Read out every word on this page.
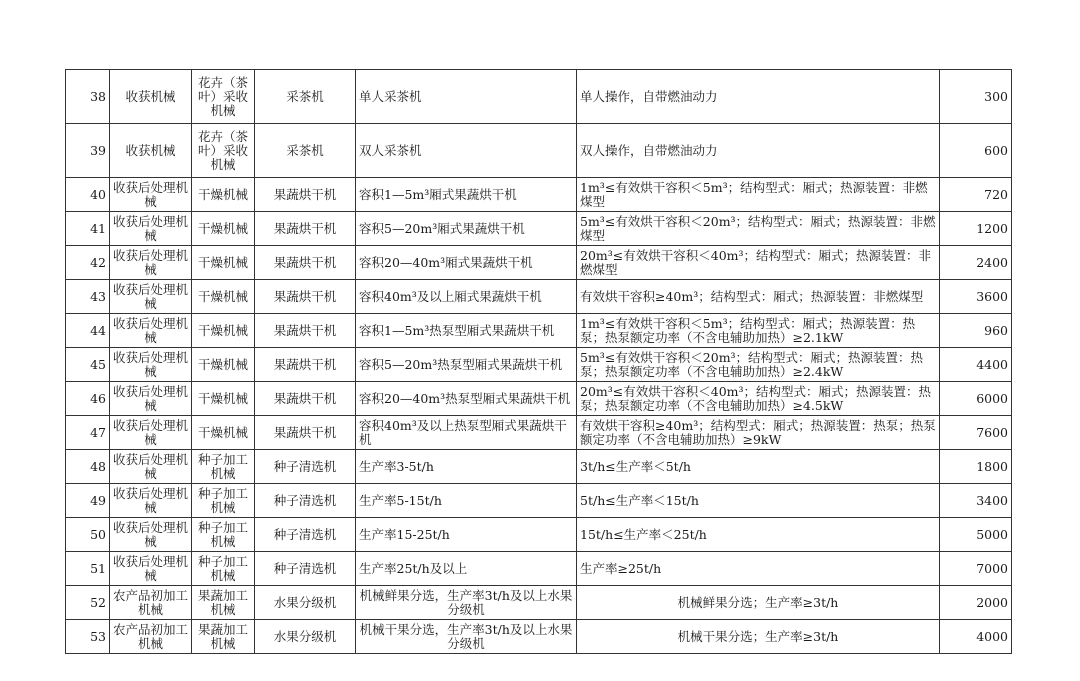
38	收获机械	花卉（茶叶）采收机械	采茶机	单人采茶机	单人操作，自带燃油动力	300
39	收获机械	花卉（茶叶）采收机械	采茶机	双人采茶机	双人操作，自带燃油动力	600
40	收获后处理机械	干燥机械	果蔬烘干机	容积1—5m³厢式果蔬烘干机	1m³≤有效烘干容积＜5m³；结构型式：厢式；热源装置：非燃煤型	720
41	收获后处理机械	干燥机械	果蔬烘干机	容积5—20m³厢式果蔬烘干机	5m³≤有效烘干容积＜20m³；结构型式：厢式；热源装置：非燃煤型	1200
42	收获后处理机械	干燥机械	果蔬烘干机	容积20—40m³厢式果蔬烘干机	20m³≤有效烘干容积＜40m³；结构型式：厢式；热源装置：非燃煤型	2400
43	收获后处理机械	干燥机械	果蔬烘干机	容积40m³及以上厢式果蔬烘干机	有效烘干容积≥40m³；结构型式：厢式；热源装置：非燃煤型	3600
44	收获后处理机械	干燥机械	果蔬烘干机	容积1—5m³热泵型厢式果蔬烘干机	1m³≤有效烘干容积＜5m³；结构型式：厢式；热源装置：热泵；热泵额定功率（不含电辅助加热）≥2.1kW	960
45	收获后处理机械	干燥机械	果蔬烘干机	容积5—20m³热泵型厢式果蔬烘干机	5m³≤有效烘干容积＜20m³；结构型式：厢式；热源装置：热泵；热泵额定功率（不含电辅助加热）≥2.4kW	4400
46	收获后处理机械	干燥机械	果蔬烘干机	容积20—40m³热泵型厢式果蔬烘干机	20m³≤有效烘干容积＜40m³；结构型式：厢式；热源装置：热泵；热泵额定功率（不含电辅助加热）≥4.5kW	6000
47	收获后处理机械	干燥机械	果蔬烘干机	容积40m³及以上热泵型厢式果蔬烘干机	有效烘干容积≥40m³；结构型式：厢式；热源装置：热泵；热泵额定功率（不含电辅助加热）≥9kW	7600
48	收获后处理机械	种子加工机械	种子清选机	生产率3-5t/h	3t/h≤生产率＜5t/h	1800
49	收获后处理机械	种子加工机械	种子清选机	生产率5-15t/h	5t/h≤生产率＜15t/h	3400
50	收获后处理机械	种子加工机械	种子清选机	生产率15-25t/h	15t/h≤生产率＜25t/h	5000
51	收获后处理机械	种子加工机械	种子清选机	生产率25t/h及以上	生产率≥25t/h	7000
52	农产品初加工机械	果蔬加工机械	水果分级机	机械鲜果分选，生产率3t/h及以上水果分级机	机械鲜果分选；生产率≥3t/h	2000
53	农产品初加工机械	果蔬加工机械	水果分级机	机械干果分选，生产率3t/h及以上水果分级机	机械干果分选；生产率≥3t/h	4000
